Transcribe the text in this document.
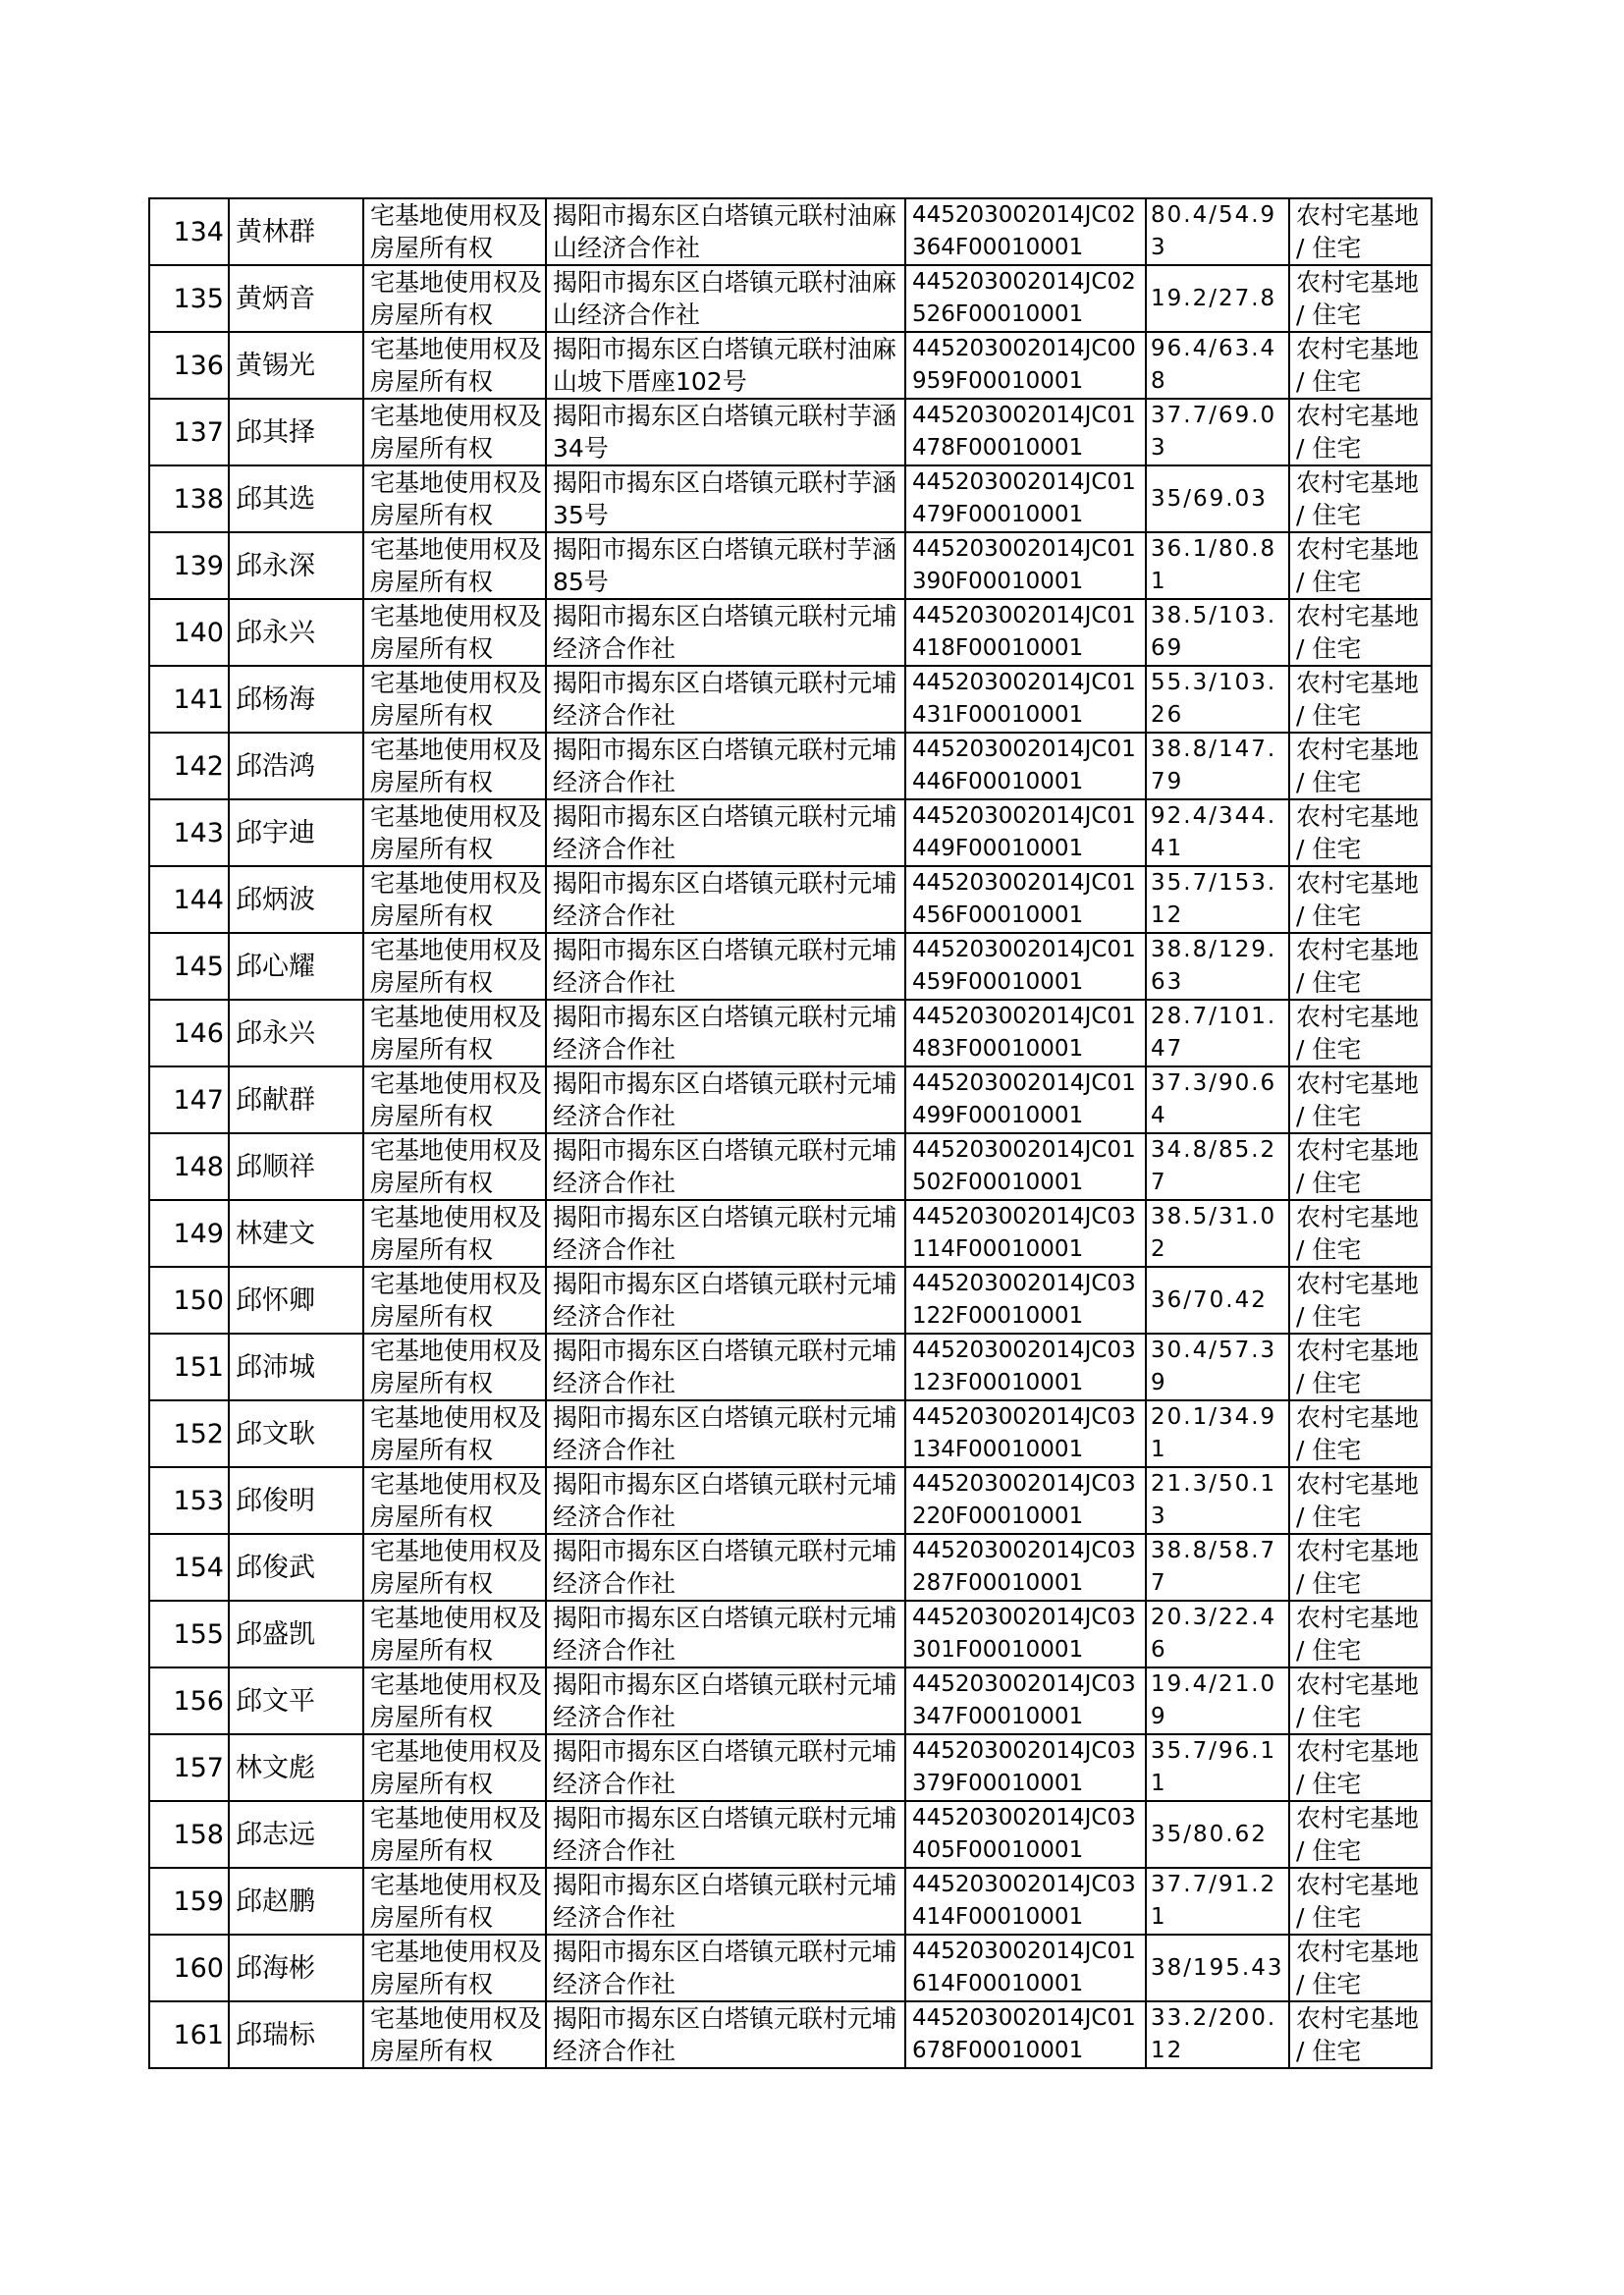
134	黄林群	宅基地使用权及房屋所有权	揭阳市揭东区白塔镇元联村油麻山经济合作社	445203002014JC02364F00010001	80.4/54.93	农村宅基地 / 住宅
135	黄炳音	宅基地使用权及房屋所有权	揭阳市揭东区白塔镇元联村油麻山经济合作社	445203002014JC02526F00010001	19.2/27.8	农村宅基地 / 住宅
136	黄锡光	宅基地使用权及房屋所有权	揭阳市揭东区白塔镇元联村油麻山坡下厝座102号	445203002014JC00959F00010001	96.4/63.48	农村宅基地 / 住宅
137	邱其择	宅基地使用权及房屋所有权	揭阳市揭东区白塔镇元联村芋涵34号	445203002014JC01478F00010001	37.7/69.03	农村宅基地 / 住宅
138	邱其选	宅基地使用权及房屋所有权	揭阳市揭东区白塔镇元联村芋涵35号	445203002014JC01479F00010001	35/69.03	农村宅基地 / 住宅
139	邱永深	宅基地使用权及房屋所有权	揭阳市揭东区白塔镇元联村芋涵85号	445203002014JC01390F00010001	36.1/80.81	农村宅基地 / 住宅
140	邱永兴	宅基地使用权及房屋所有权	揭阳市揭东区白塔镇元联村元埔经济合作社	445203002014JC01418F00010001	38.5/103.69	农村宅基地 / 住宅
141	邱杨海	宅基地使用权及房屋所有权	揭阳市揭东区白塔镇元联村元埔经济合作社	445203002014JC01431F00010001	55.3/103.26	农村宅基地 / 住宅
142	邱浩鸿	宅基地使用权及房屋所有权	揭阳市揭东区白塔镇元联村元埔经济合作社	445203002014JC01446F00010001	38.8/147.79	农村宅基地 / 住宅
143	邱宇迪	宅基地使用权及房屋所有权	揭阳市揭东区白塔镇元联村元埔经济合作社	445203002014JC01449F00010001	92.4/344.41	农村宅基地 / 住宅
144	邱炳波	宅基地使用权及房屋所有权	揭阳市揭东区白塔镇元联村元埔经济合作社	445203002014JC01456F00010001	35.7/153.12	农村宅基地 / 住宅
145	邱心耀	宅基地使用权及房屋所有权	揭阳市揭东区白塔镇元联村元埔经济合作社	445203002014JC01459F00010001	38.8/129.63	农村宅基地 / 住宅
146	邱永兴	宅基地使用权及房屋所有权	揭阳市揭东区白塔镇元联村元埔经济合作社	445203002014JC01483F00010001	28.7/101.47	农村宅基地 / 住宅
147	邱献群	宅基地使用权及房屋所有权	揭阳市揭东区白塔镇元联村元埔经济合作社	445203002014JC01499F00010001	37.3/90.64	农村宅基地 / 住宅
148	邱顺祥	宅基地使用权及房屋所有权	揭阳市揭东区白塔镇元联村元埔经济合作社	445203002014JC01502F00010001	34.8/85.27	农村宅基地 / 住宅
149	林建文	宅基地使用权及房屋所有权	揭阳市揭东区白塔镇元联村元埔经济合作社	445203002014JC03114F00010001	38.5/31.02	农村宅基地 / 住宅
150	邱怀卿	宅基地使用权及房屋所有权	揭阳市揭东区白塔镇元联村元埔经济合作社	445203002014JC03122F00010001	36/70.42	农村宅基地 / 住宅
151	邱沛城	宅基地使用权及房屋所有权	揭阳市揭东区白塔镇元联村元埔经济合作社	445203002014JC03123F00010001	30.4/57.39	农村宅基地 / 住宅
152	邱文耿	宅基地使用权及房屋所有权	揭阳市揭东区白塔镇元联村元埔经济合作社	445203002014JC03134F00010001	20.1/34.91	农村宅基地 / 住宅
153	邱俊明	宅基地使用权及房屋所有权	揭阳市揭东区白塔镇元联村元埔经济合作社	445203002014JC03220F00010001	21.3/50.13	农村宅基地 / 住宅
154	邱俊武	宅基地使用权及房屋所有权	揭阳市揭东区白塔镇元联村元埔经济合作社	445203002014JC03287F00010001	38.8/58.77	农村宅基地 / 住宅
155	邱盛凯	宅基地使用权及房屋所有权	揭阳市揭东区白塔镇元联村元埔经济合作社	445203002014JC03301F00010001	20.3/22.46	农村宅基地 / 住宅
156	邱文平	宅基地使用权及房屋所有权	揭阳市揭东区白塔镇元联村元埔经济合作社	445203002014JC03347F00010001	19.4/21.09	农村宅基地 / 住宅
157	林文彪	宅基地使用权及房屋所有权	揭阳市揭东区白塔镇元联村元埔经济合作社	445203002014JC03379F00010001	35.7/96.11	农村宅基地 / 住宅
158	邱志远	宅基地使用权及房屋所有权	揭阳市揭东区白塔镇元联村元埔经济合作社	445203002014JC03405F00010001	35/80.62	农村宅基地 / 住宅
159	邱赵鹏	宅基地使用权及房屋所有权	揭阳市揭东区白塔镇元联村元埔经济合作社	445203002014JC03414F00010001	37.7/91.21	农村宅基地 / 住宅
160	邱海彬	宅基地使用权及房屋所有权	揭阳市揭东区白塔镇元联村元埔经济合作社	445203002014JC01614F00010001	38/195.43	农村宅基地 / 住宅
161	邱瑞标	宅基地使用权及房屋所有权	揭阳市揭东区白塔镇元联村元埔经济合作社	445203002014JC01678F00010001	33.2/200.12	农村宅基地 / 住宅
